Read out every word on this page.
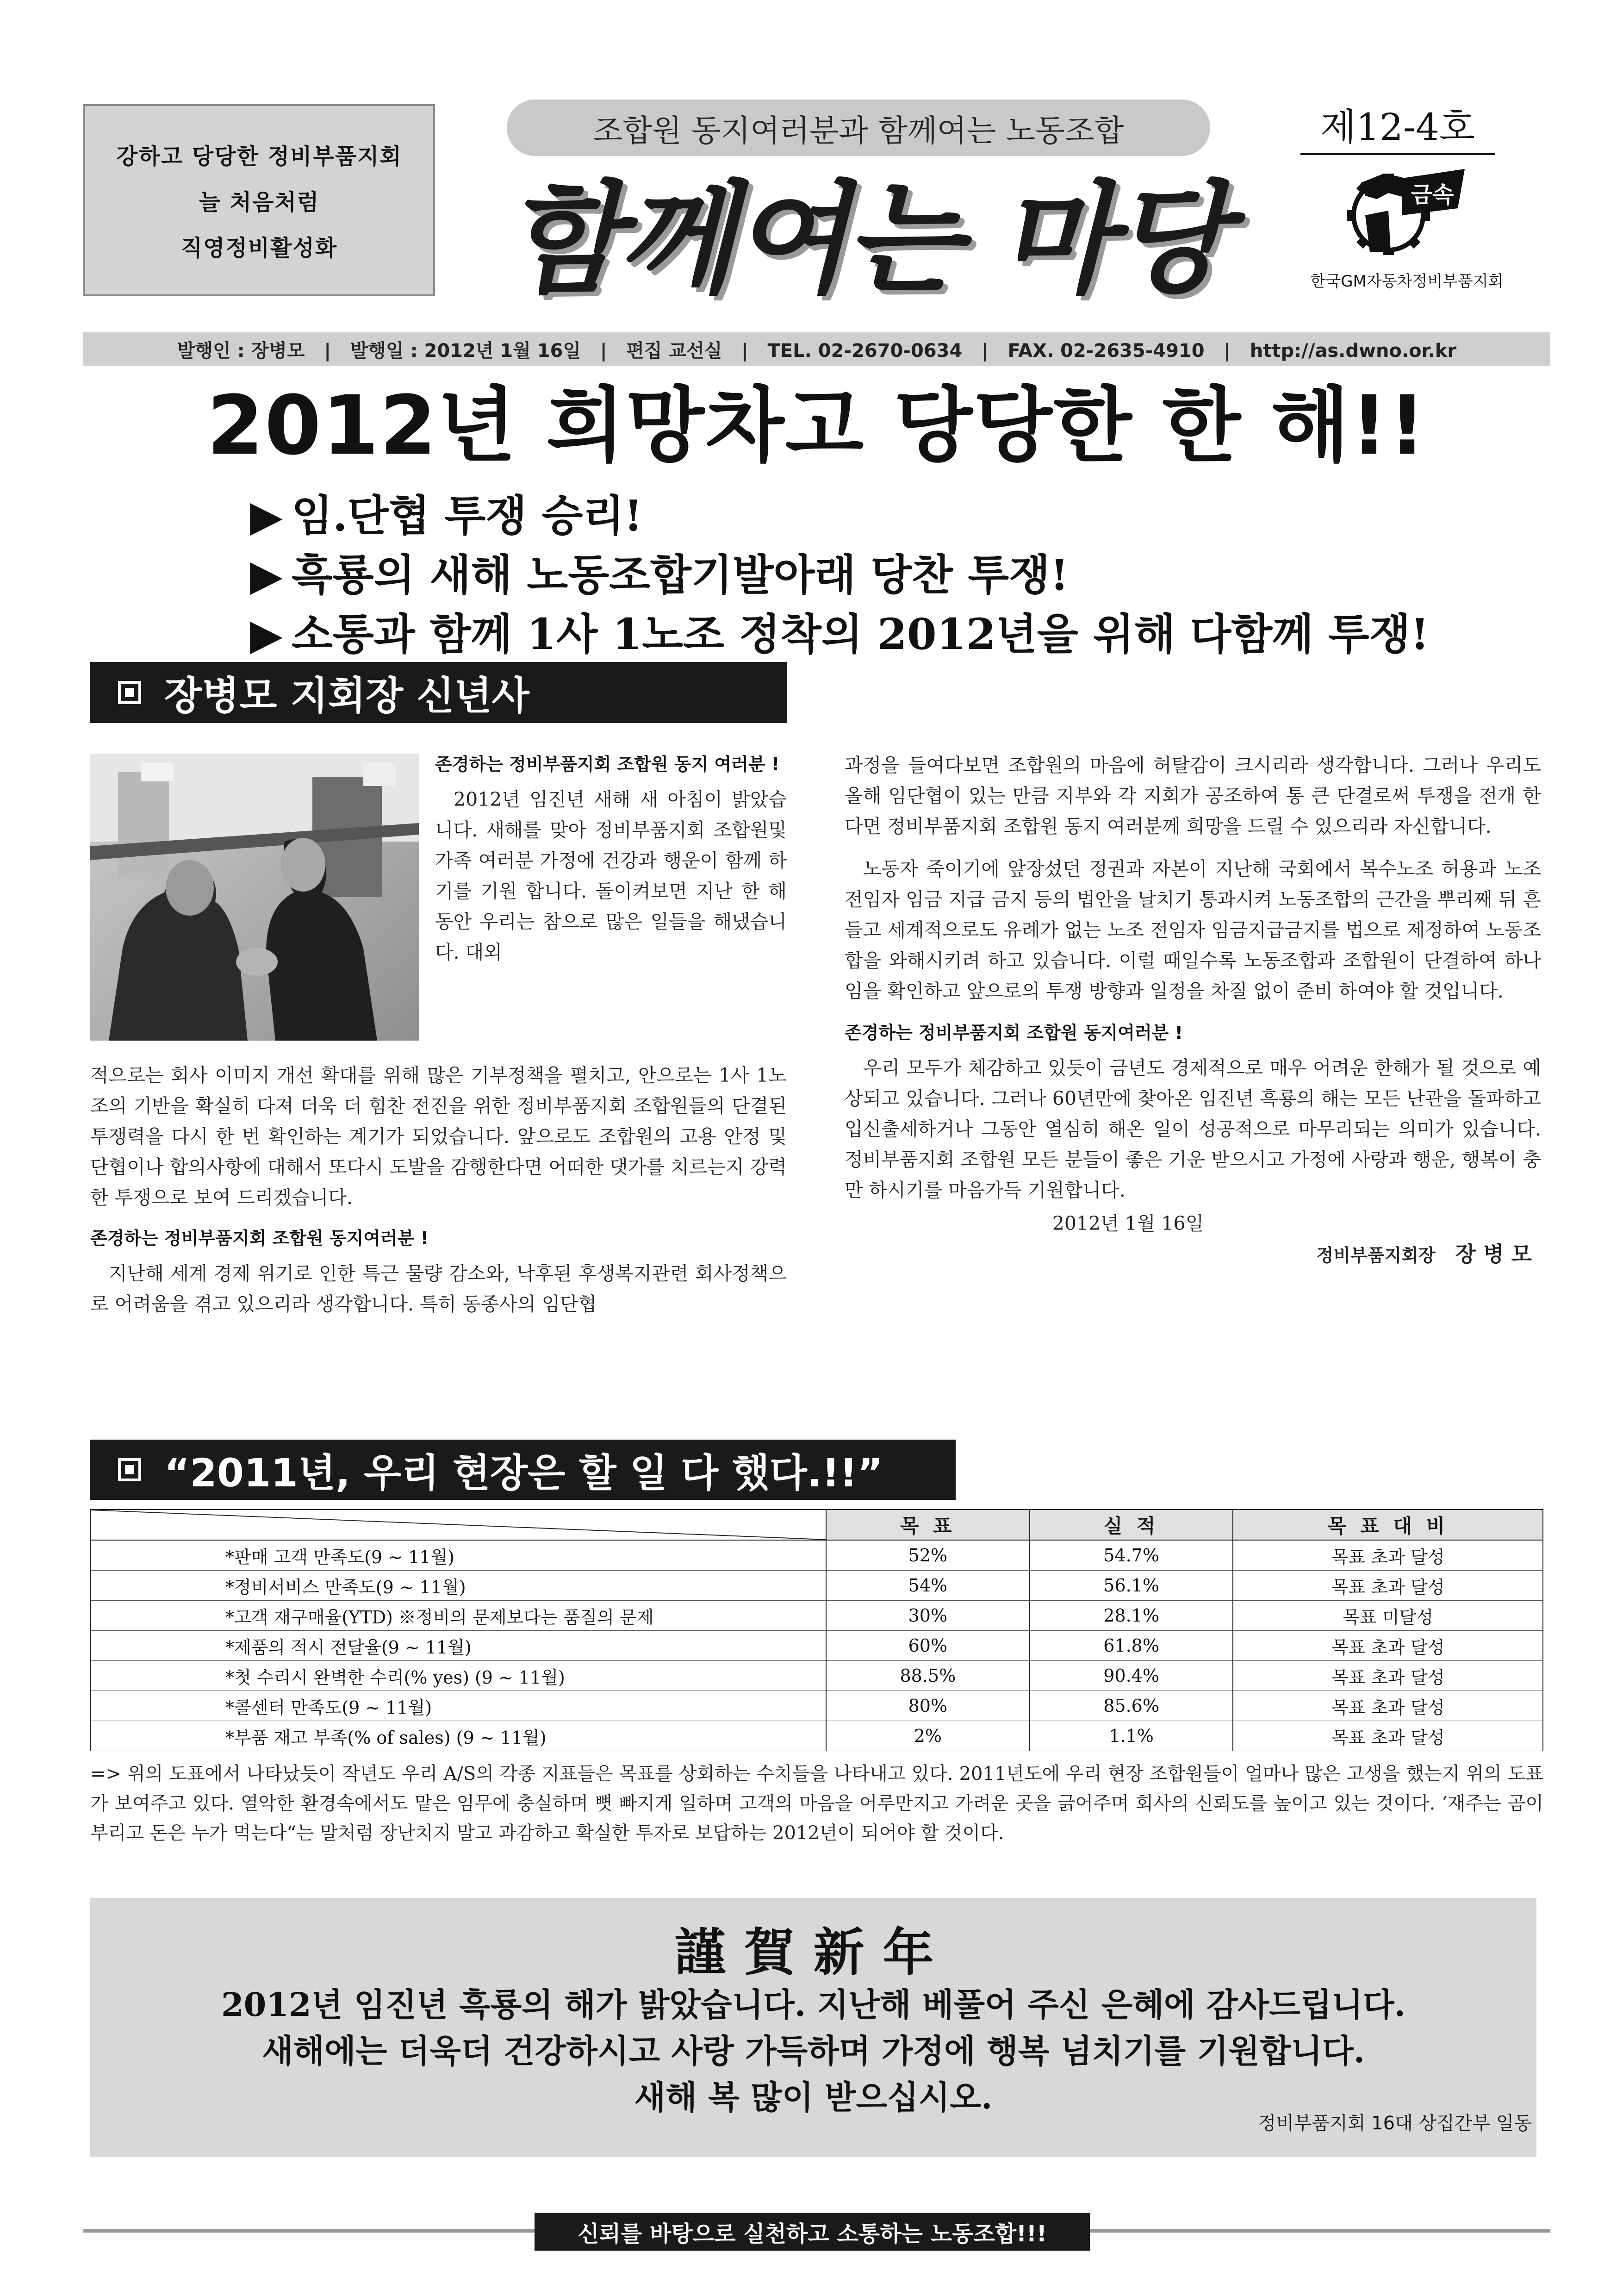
강하고 당당한 정비부품지회
늘 처음처럼
직영정비활성화
조합원 동지여러분과 함께여는 노동조합
함께여는 마당
제12-4호
금속
한국GM자동차정비부품지회
발행인 : 장병모   |   발행일 : 2012년 1월 16일   |   편집 교선실   |   TEL. 02-2670-0634   |   FAX. 02-2635-4910   |   http://as.dwno.or.kr
2012년 희망차고 당당한 한 해!!
▶ 임.단협 투쟁 승리!
▶ 흑룡의 새해 노동조합기발아래 당찬 투쟁!
▶ 소통과 함께 1사 1노조 정착의 2012년을 위해 다함께 투쟁!
장병모 지회장 신년사

존경하는 정비부품지회 조합원 동지 여러분 !

2012년 임진년 새해 새 아침이 밝았습니다. 새해를 맞아 정비부품지회 조합원및 가족 여러분 가정에 건강과 행운이 함께 하기를 기원 합니다. 돌이켜보면 지난 한 해 동안 우리는 참으로 많은 일들을 해냈습니다. 대외

적으로는 회사 이미지 개선 확대를 위해 많은 기부정책을 펼치고, 안으로는 1사 1노조의 기반을 확실히 다져 더욱 더 힘찬 전진을 위한 정비부품지회 조합원들의 단결된 투쟁력을 다시 한 번 확인하는 계기가 되었습니다. 앞으로도 조합원의 고용 안정 및 단협이나 합의사항에 대해서 또다시 도발을 감행한다면 어떠한 댓가를 치르는지 강력한 투쟁으로 보여 드리겠습니다.

존경하는 정비부품지회 조합원 동지여러분 !

지난해 세계 경제 위기로 인한 특근 물량 감소와, 낙후된 후생복지관련 회사정책으로 어려움을 겪고 있으리라 생각합니다. 특히 동종사의 임단협

과정을 들여다보면 조합원의 마음에 허탈감이 크시리라 생각합니다. 그러나 우리도 올해 임단협이 있는 만큼 지부와 각 지회가 공조하여 통 큰 단결로써 투쟁을 전개 한다면 정비부품지회 조합원 동지 여러분께 희망을 드릴 수 있으리라 자신합니다.

노동자 죽이기에 앞장섰던 정권과 자본이 지난해 국회에서 복수노조 허용과 노조 전임자 임금 지급 금지 등의 법안을 날치기 통과시켜 노동조합의 근간을 뿌리째 뒤 흔들고 세계적으로도 유례가 없는 노조 전임자 임금지급금지를 법으로 제정하여 노동조합을 와해시키려 하고 있습니다. 이럴 때일수록 노동조합과 조합원이 단결하여 하나임을 확인하고 앞으로의 투쟁 방향과 일정을 차질 없이 준비 하여야 할 것입니다.

존경하는 정비부품지회 조합원 동지여러분 !

우리 모두가 체감하고 있듯이 금년도 경제적으로 매우 어려운 한해가 될 것으로 예상되고 있습니다. 그러나 60년만에 찾아온 임진년 흑룡의 해는 모든 난관을 돌파하고 입신출세하거나 그동안 열심히 해온 일이 성공적으로 마무리되는 의미가 있습니다. 정비부품지회 조합원 모든 분들이 좋은 기운 받으시고 가정에 사랑과 행운, 행복이 충만 하시기를 마음가득 기원합니다.

2012년 1월 16일

정비부품지회장 장 병 모

“2011년, 우리 현장은 할 일 다 했다.!!”
	목 표	실 적	목 표 대 비
*판매 고객 만족도(9 ~ 11월)	52%	54.7%	목표 초과 달성
*정비서비스 만족도(9 ~ 11월)	54%	56.1%	목표 초과 달성
*고객 재구매율(YTD) ※정비의 문제보다는 품질의 문제	30%	28.1%	목표 미달성
*제품의 적시 전달율(9 ~ 11월)	60%	61.8%	목표 초과 달성
*첫 수리시 완벽한 수리(% yes) (9 ~ 11월)	88.5%	90.4%	목표 초과 달성
*콜센터 만족도(9 ~ 11월)	80%	85.6%	목표 초과 달성
*부품 재고 부족(% of sales) (9 ~ 11월)	2%	1.1%	목표 초과 달성
=> 위의 도표에서 나타났듯이 작년도 우리 A/S의 각종 지표들은 목표를 상회하는 수치들을 나타내고 있다. 2011년도에 우리 현장 조합원들이 얼마나 많은 고생을 했는지 위의 도표가 보여주고 있다. 열악한 환경속에서도 맡은 임무에 충실하며 뼛 빠지게 일하며 고객의 마음을 어루만지고 가려운 곳을 긁어주며 회사의 신뢰도를 높이고 있는 것이다. ‘재주는 곰이 부리고 돈은 누가 먹는다“는 말처럼 장난치지 말고 과감하고 확실한 투자로 보답하는 2012년이 되어야 할 것이다.
謹賀新年
2012년 임진년 흑룡의 해가 밝았습니다. 지난해 베풀어 주신 은혜에 감사드립니다.
새해에는 더욱더 건강하시고 사랑 가득하며 가정에 행복 넘치기를 기원합니다.
새해 복 많이 받으십시오.
정비부품지회 16대 상집간부 일동
신뢰를 바탕으로 실천하고 소통하는 노동조합!!!
